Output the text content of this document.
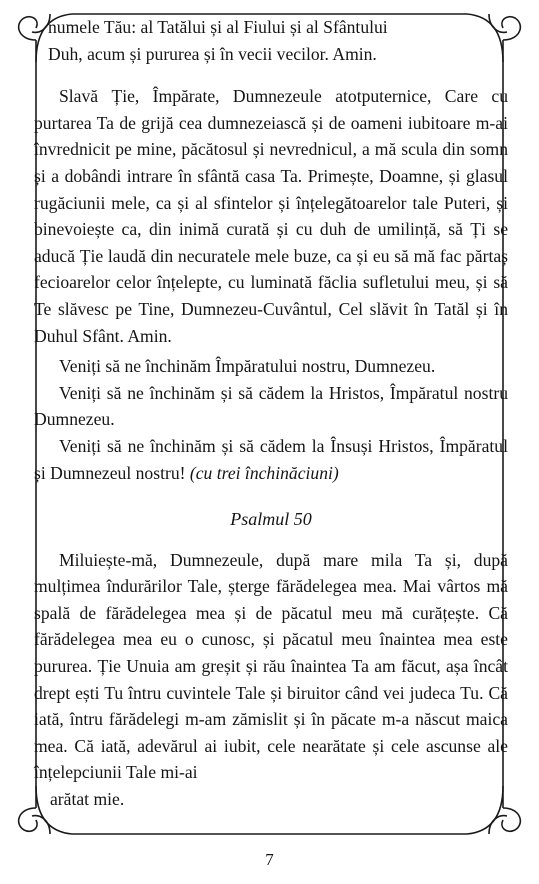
numele Tău: al Tatălui și al Fiului și al Sfântului

Duh, acum și pururea și în vecii vecilor. Amin.

Slavă Ție, Împărate, Dumnezeule atotputernice, Care cu purtarea Ta de grijă cea dumnezeiască și de oameni iubitoare m-ai învrednicit pe mine, păcătosul și nevrednicul, a mă scula din somn și a dobândi intrare în sfântă casa Ta. Primește, Doamne, și glasul rugăciunii mele, ca și al sfintelor și înțelegătoarelor tale Puteri, și binevoiește ca, din inimă curată și cu duh de umilință, să Ți se aducă Ție laudă din necuratele mele buze, ca și eu să mă fac părtaș fecioarelor celor înțelepte, cu luminată făclia sufletului meu, și să Te slăvesc pe Tine, Dumnezeu-Cuvântul, Cel slăvit în Tatăl și în Duhul Sfânt. Amin.

Veniți să ne închinăm Împăratului nostru, Dumnezeu.

Veniți să ne închinăm și să cădem la Hristos, Împăratul nostru Dumnezeu.

Veniți să ne închinăm și să cădem la Însuși Hristos, Împăratul și Dumnezeul nostru! (cu trei închinăciuni)

Psalmul 50

Miluiește-mă, Dumnezeule, după mare mila Ta și, după mulțimea îndurărilor Tale, șterge fărădelegea mea. Mai vârtos mă spală de fărădelegea mea și de păcatul meu mă curățește. Că fărădelegea mea eu o cunosc, și păcatul meu înaintea mea este pururea. Ție Unuia am greșit și rău înaintea Ta am făcut, așa încât drept ești Tu întru cuvintele Tale și biruitor când vei judeca Tu. Că iată, întru fărădelegi m-am zămislit și în păcate m-a născut maica mea. Că iată, adevărul ai iubit, cele nearătate și cele ascunse ale înțelepciunii Tale mi-ai

arătat mie.

7
